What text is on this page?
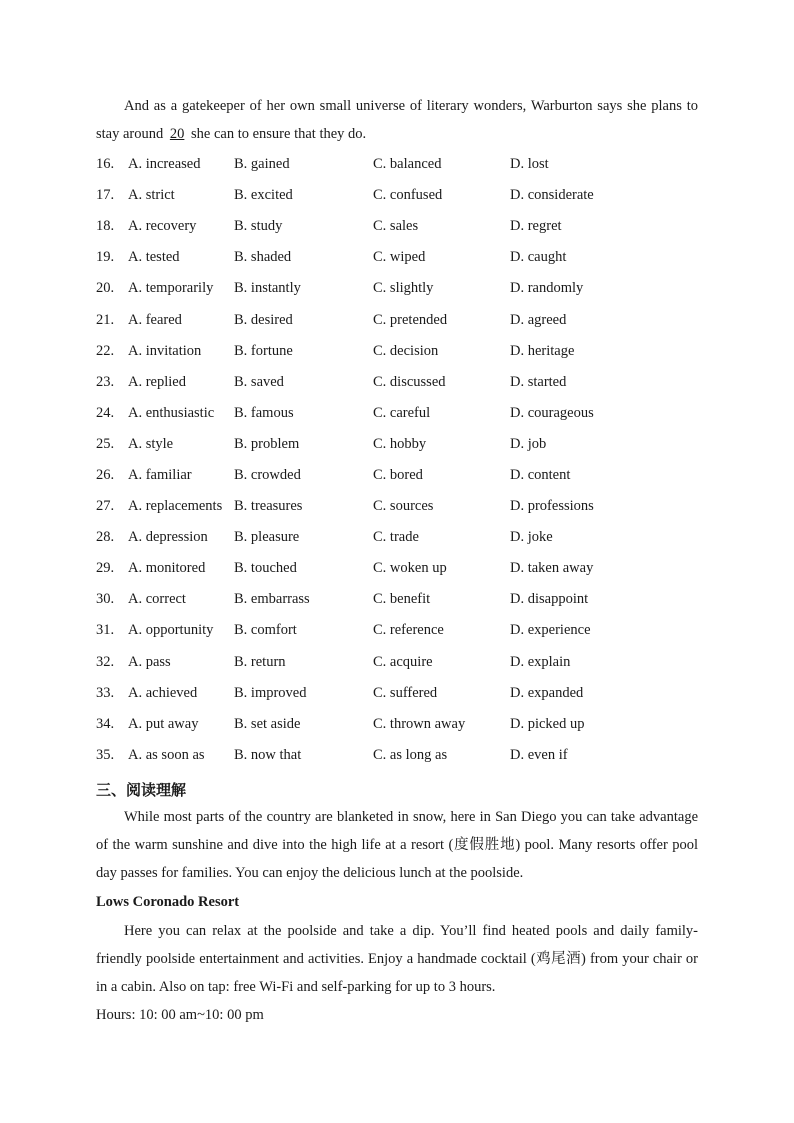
And as a gatekeeper of her own small universe of literary wonders, Warburton says she plans to stay around 20 she can to ensure that they do.

16. A. increased	B. gained	C. balanced	D. lost
17. A. strict	B. excited	C. confused	D. considerate
18. A. recovery	B. study	C. sales	D. regret
19. A. tested	B. shaded	C. wiped	D. caught
20. A. temporarily	B. instantly	C. slightly	D. randomly
21. A. feared	B. desired	C. pretended	D. agreed
22. A. invitation	B. fortune	C. decision	D. heritage
23. A. replied	B. saved	C. discussed	D. started
24. A. enthusiastic	B. famous	C. careful	D. courageous
25. A. style	B. problem	C. hobby	D. job
26. A. familiar	B. crowded	C. bored	D. content
27. A. replacements B. treasures	C. sources	D. professions
28. A. depression	B. pleasure	C. trade	D. joke
29. A. monitored	B. touched	C. woken up	D. taken away
30. A. correct	B. embarrass	C. benefit	D. disappoint
31. A. opportunity	B. comfort	C. reference	D. experience
32. A. pass	B. return	C. acquire	D. explain
33. A. achieved	B. improved	C. suffered	D. expanded
34. A. put away	B. set aside	C. thrown away	D. picked up
35. A. as soon as	B. now that	C. as long as	D. even if
三、阅读理解

While most parts of the country are blanketed in snow, here in San Diego you can take advantage of the warm sunshine and dive into the high life at a resort (度假胜地) pool. Many resorts offer pool day passes for families. You can enjoy the delicious lunch at the poolside.

Lows Coronado Resort

Here you can relax at the poolside and take a dip. You’ll find heated pools and daily family-friendly poolside entertainment and activities. Enjoy a handmade cocktail (鸡尾酒) from your chair or in a cabin. Also on tap: free Wi-Fi and self-parking for up to 3 hours.

Hours: 10: 00 am~10: 00 pm
